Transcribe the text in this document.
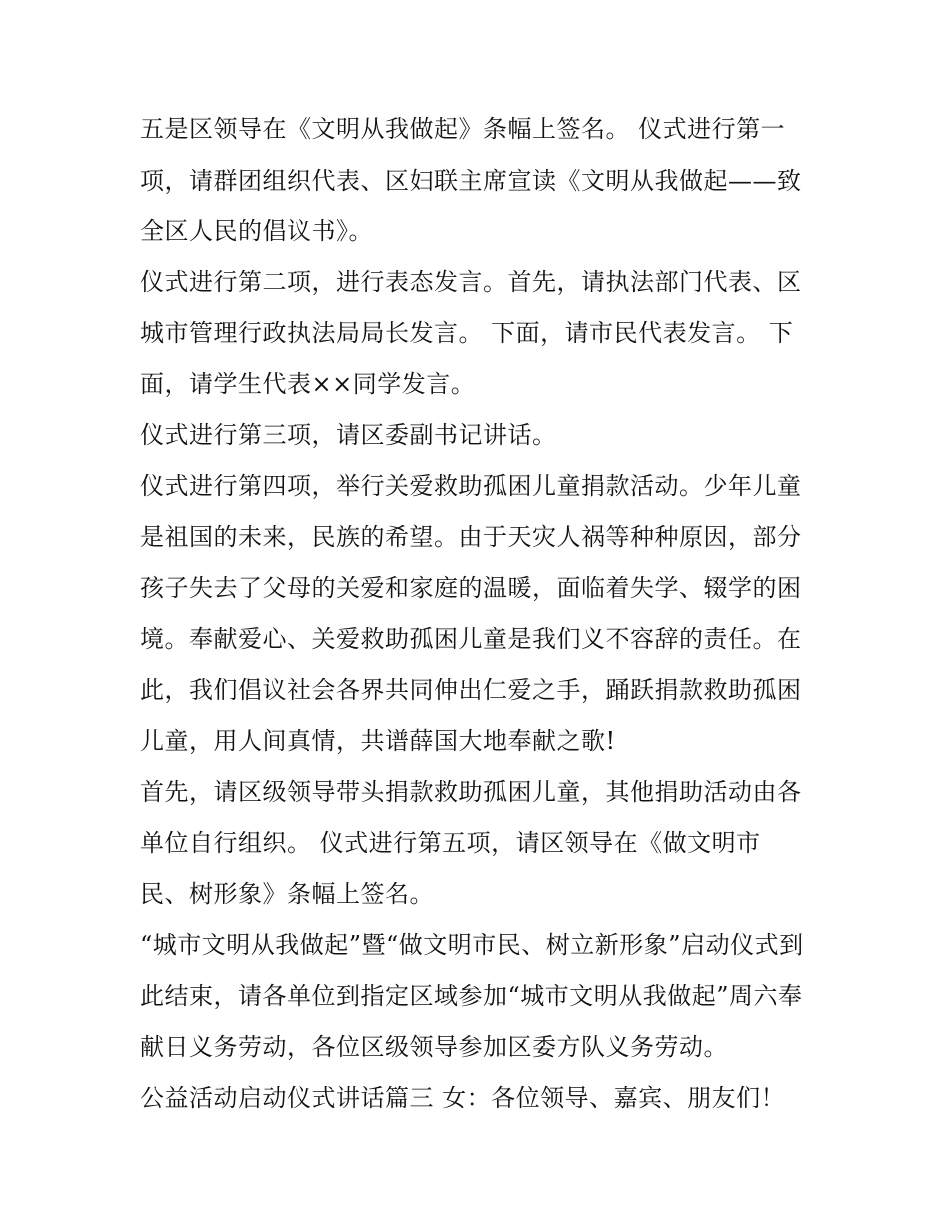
五是区领导在《文明从我做起》条幅上签名。 仪式进行第一
项，请群团组织代表、区妇联主席宣读《文明从我做起——致
全区人民的倡议书》。
仪式进行第二项，进行表态发言。首先，请执法部门代表、区
城市管理行政执法局局长发言。 下面，请市民代表发言。 下
面，请学生代表××同学发言。
仪式进行第三项，请区委副书记讲话。
仪式进行第四项，举行关爱救助孤困儿童捐款活动。少年儿童
是祖国的未来，民族的希望。由于天灾人祸等种种原因，部分
孩子失去了父母的关爱和家庭的温暖，面临着失学、辍学的困
境。奉献爱心、关爱救助孤困儿童是我们义不容辞的责任。在
此，我们倡议社会各界共同伸出仁爱之手，踊跃捐款救助孤困
儿童，用人间真情，共谱薛国大地奉献之歌!
首先，请区级领导带头捐款救助孤困儿童，其他捐助活动由各
单位自行组织。 仪式进行第五项，请区领导在《做文明市
民、树形象》条幅上签名。
“城市文明从我做起”暨“做文明市民、树立新形象”启动仪式到
此结束，请各单位到指定区域参加“城市文明从我做起”周六奉
献日义务劳动，各位区级领导参加区委方队义务劳动。
公益活动启动仪式讲话篇三 女：各位领导、嘉宾、朋友们！
